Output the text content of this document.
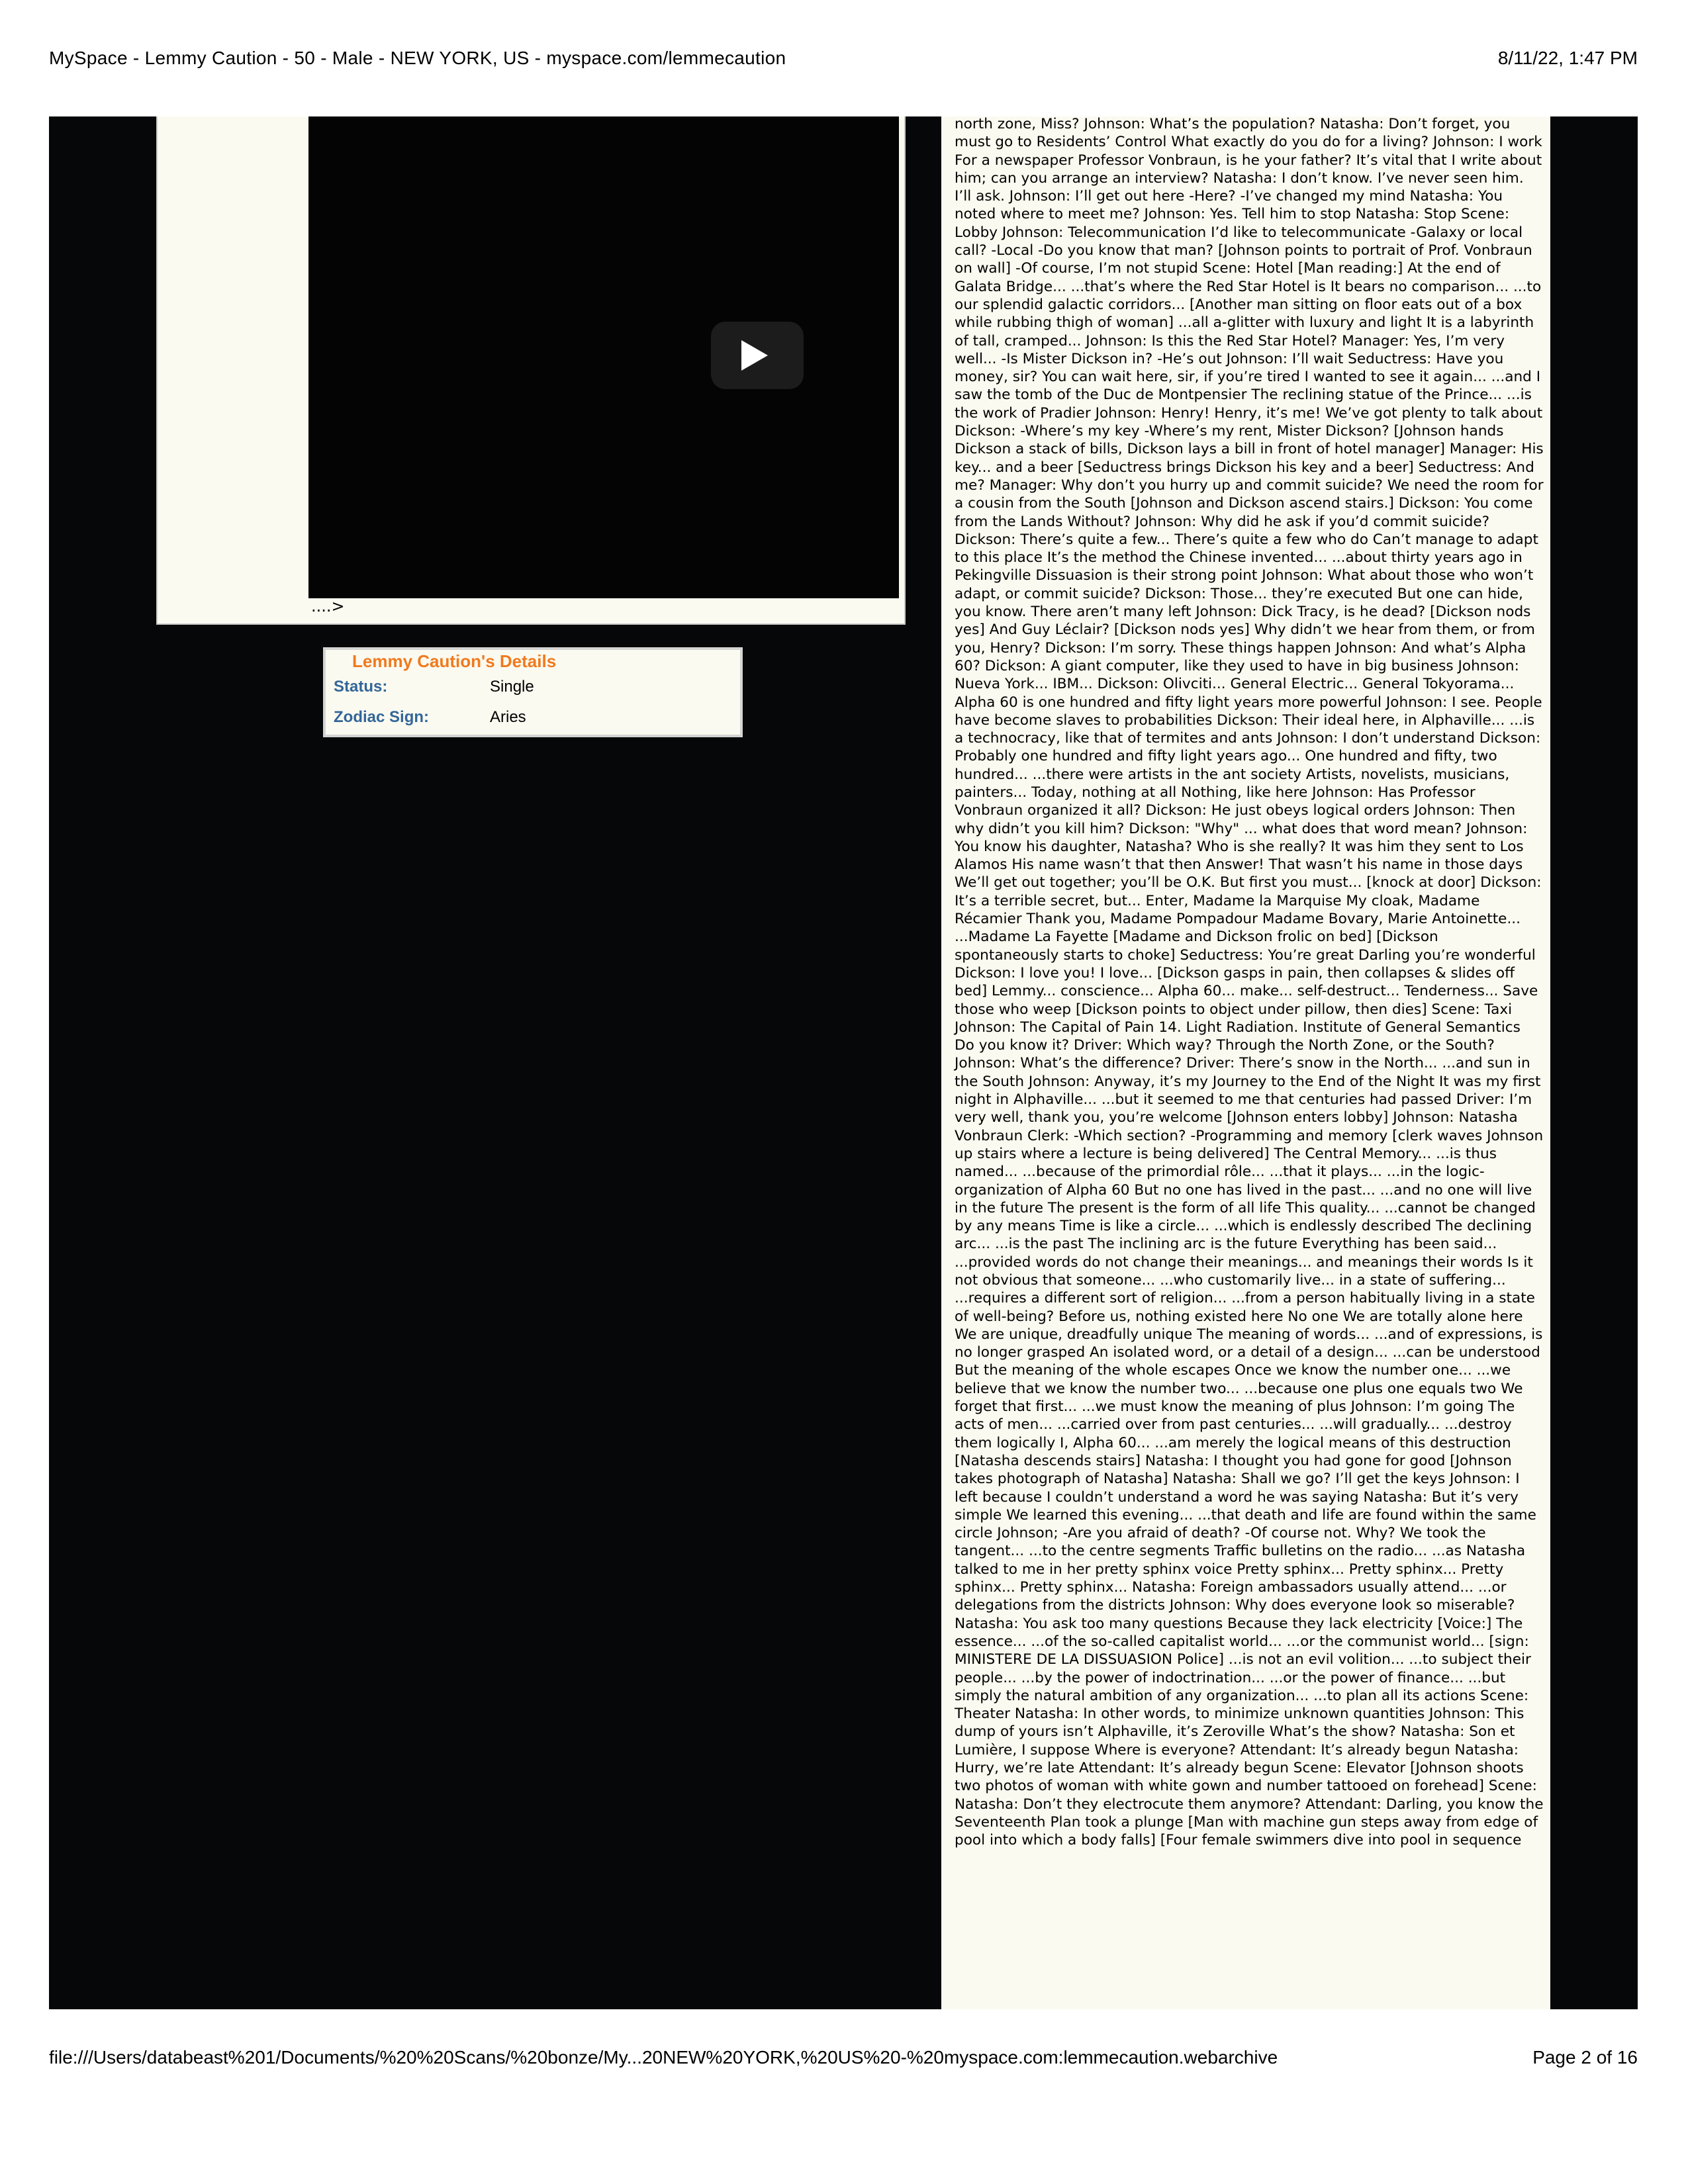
MySpace - Lemmy Caution - 50 - Male - NEW YORK, US - myspace.com/lemmecaution	8/11/22, 1:47 PM
....>
Lemmy Caution's Details
Status:	Single
Zodiac Sign:	Aries
north zone, Miss? Johnson: What’s the population? Natasha: Don’t forget, you must go to Residents’ Control What exactly do you do for a living? Johnson: I work For a newspaper Professor Vonbraun, is he your father? It’s vital that I write about him; can you arrange an interview? Natasha: I don’t know. I’ve never seen him. I’ll ask. Johnson: I’ll get out here -Here? -I’ve changed my mind Natasha: You noted where to meet me? Johnson: Yes. Tell him to stop Natasha: Stop Scene: Lobby Johnson: Telecommunication I’d like to telecommunicate -Galaxy or local call? -Local -Do you know that man? [Johnson points to portrait of Prof. Vonbraun on wall] -Of course, I’m not stupid Scene: Hotel [Man reading:] At the end of Galata Bridge... ...that’s where the Red Star Hotel is It bears no comparison... ...to our splendid galactic corridors... [Another man sitting on floor eats out of a box while rubbing thigh of woman] ...all a-glitter with luxury and light It is a labyrinth of tall, cramped... Johnson: Is this the Red Star Hotel? Manager: Yes, I’m very well... -Is Mister Dickson in? -He’s out Johnson: I’ll wait Seductress: Have you money, sir? You can wait here, sir, if you’re tired I wanted to see it again... ...and I saw the tomb of the Duc de Montpensier The reclining statue of the Prince... ...is the work of Pradier Johnson: Henry! Henry, it’s me! We’ve got plenty to talk about Dickson: -Where’s my key -Where’s my rent, Mister Dickson? [Johnson hands Dickson a stack of bills, Dickson lays a bill in front of hotel manager] Manager: His key... and a beer [Seductress brings Dickson his key and a beer] Seductress: And me? Manager: Why don’t you hurry up and commit suicide? We need the room for a cousin from the South [Johnson and Dickson ascend stairs.] Dickson: You come from the Lands Without? Johnson: Why did he ask if you’d commit suicide? Dickson: There’s quite a few... There’s quite a few who do Can’t manage to adapt to this place It’s the method the Chinese invented... ...about thirty years ago in Pekingville Dissuasion is their strong point Johnson: What about those who won’t adapt, or commit suicide? Dickson: Those... they’re executed But one can hide, you know. There aren’t many left Johnson: Dick Tracy, is he dead? [Dickson nods yes] And Guy Léclair? [Dickson nods yes] Why didn’t we hear from them, or from you, Henry? Dickson: I’m sorry. These things happen Johnson: And what’s Alpha 60? Dickson: A giant computer, like they used to have in big business Johnson: Nueva York... IBM... Dickson: Olivciti... General Electric... General Tokyorama... Alpha 60 is one hundred and fifty light years more powerful Johnson: I see. People have become slaves to probabilities Dickson: Their ideal here, in Alphaville... ...is a technocracy, like that of termites and ants Johnson: I don’t understand Dickson: Probably one hundred and fifty light years ago... One hundred and fifty, two hundred... ...there were artists in the ant society Artists, novelists, musicians, painters... Today, nothing at all Nothing, like here Johnson: Has Professor Vonbraun organized it all? Dickson: He just obeys logical orders Johnson: Then why didn’t you kill him? Dickson: "Why" ... what does that word mean? Johnson: You know his daughter, Natasha? Who is she really? It was him they sent to Los Alamos His name wasn’t that then Answer! That wasn’t his name in those days We’ll get out together; you’ll be O.K. But first you must... [knock at door] Dickson: It’s a terrible secret, but... Enter, Madame la Marquise My cloak, Madame Récamier Thank you, Madame Pompadour Madame Bovary, Marie Antoinette... ...Madame La Fayette [Madame and Dickson frolic on bed] [Dickson spontaneously starts to choke] Seductress: You’re great Darling you’re wonderful Dickson: I love you! I love... [Dickson gasps in pain, then collapses & slides off bed] Lemmy... conscience... Alpha 60... make... self-destruct... Tenderness... Save those who weep [Dickson points to object under pillow, then dies] Scene: Taxi Johnson: The Capital of Pain 14. Light Radiation. Institute of General Semantics Do you know it? Driver: Which way? Through the North Zone, or the South? Johnson: What’s the difference? Driver: There’s snow in the North... ...and sun in the South Johnson: Anyway, it’s my Journey to the End of the Night It was my first night in Alphaville... ...but it seemed to me that centuries had passed Driver: I’m very well, thank you, you’re welcome [Johnson enters lobby] Johnson: Natasha Vonbraun Clerk: -Which section? -Programming and memory [clerk waves Johnson up stairs where a lecture is being delivered] The Central Memory... ...is thus named... ...because of the primordial rôle... ...that it plays... ...in the logic-organization of Alpha 60 But no one has lived in the past... ...and no one will live in the future The present is the form of all life This quality... ...cannot be changed by any means Time is like a circle... ...which is endlessly described The declining arc... ...is the past The inclining arc is the future Everything has been said... ...provided words do not change their meanings... and meanings their words Is it not obvious that someone... ...who customarily live... in a state of suffering... ...requires a different sort of religion... ...from a person habitually living in a state of well-being? Before us, nothing existed here No one We are totally alone here We are unique, dreadfully unique The meaning of words... ...and of expressions, is no longer grasped An isolated word, or a detail of a design... ...can be understood But the meaning of the whole escapes Once we know the number one... ...we believe that we know the number two... ...because one plus one equals two We forget that first... ...we must know the meaning of plus Johnson: I’m going The acts of men... ...carried over from past centuries... ...will gradually... ...destroy them logically I, Alpha 60... ...am merely the logical means of this destruction [Natasha descends stairs] Natasha: I thought you had gone for good [Johnson takes photograph of Natasha] Natasha: Shall we go? I’ll get the keys Johnson: I left because I couldn’t understand a word he was saying Natasha: But it’s very simple We learned this evening... ...that death and life are found within the same circle Johnson; -Are you afraid of death? -Of course not. Why? We took the tangent... ...to the centre segments Traffic bulletins on the radio... ...as Natasha talked to me in her pretty sphinx voice Pretty sphinx... Pretty sphinx... Pretty sphinx... Pretty sphinx... Natasha: Foreign ambassadors usually attend... ...or delegations from the districts Johnson: Why does everyone look so miserable? Natasha: You ask too many questions Because they lack electricity [Voice:] The essence... ...of the so-called capitalist world... ...or the communist world... [sign: MINISTERE DE LA DISSUASION Police] ...is not an evil volition... ...to subject their people... ...by the power of indoctrination... ...or the power of finance... ...but simply the natural ambition of any organization... ...to plan all its actions Scene: Theater Natasha: In other words, to minimize unknown quantities Johnson: This dump of yours isn’t Alphaville, it’s Zeroville What’s the show? Natasha: Son et Lumière, I suppose Where is everyone? Attendant: It’s already begun Natasha: Hurry, we’re late Attendant: It’s already begun Scene: Elevator [Johnson shoots two photos of woman with white gown and number tattooed on forehead] Scene: Natasha: Don’t they electrocute them anymore? Attendant: Darling, you know the Seventeenth Plan took a plunge [Man with machine gun steps away from edge of pool into which a body falls] [Four female swimmers dive into pool in sequence
file:///Users/databeast%201/Documents/%20%20Scans/%20bonze/My...20NEW%20YORK,%20US%20-%20myspace.com:lemmecaution.webarchive	Page 2 of 16
